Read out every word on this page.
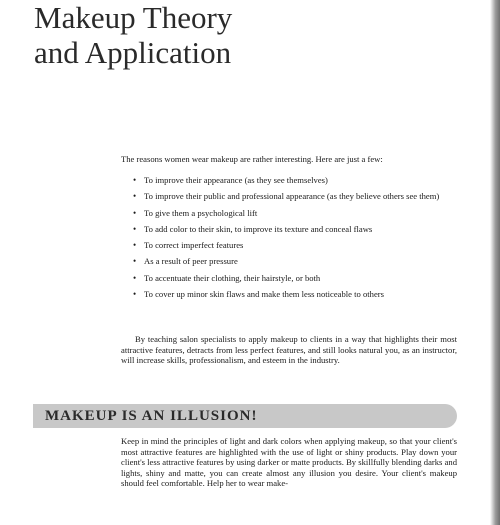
Makeup Theory
and Application

The reasons women wear makeup are rather interesting. Here are just a few:

• To improve their appearance (as they see themselves)
• To improve their public and professional appearance (as they believe others see them)
• To give them a psychological lift
• To add color to their skin, to improve its texture and conceal flaws
• To correct imperfect features
• As a result of peer pressure
• To accentuate their clothing, their hairstyle, or both
• To cover up minor skin flaws and make them less noticeable to others

By teaching salon specialists to apply makeup to clients in a way that highlights their most attractive features, detracts from less perfect features, and still looks natural you, as an instructor, will increase skills, professionalism, and esteem in the industry.

MAKEUP IS AN ILLUSION!

Keep in mind the principles of light and dark colors when applying makeup, so that your client's most attractive features are highlighted with the use of light or shiny products. Play down your client's less attractive features by using darker or matte products. By skillfully blending darks and lights, shiny and matte, you can create almost any illusion you desire. Your client's makeup should feel comfortable. Help her to wear make-
